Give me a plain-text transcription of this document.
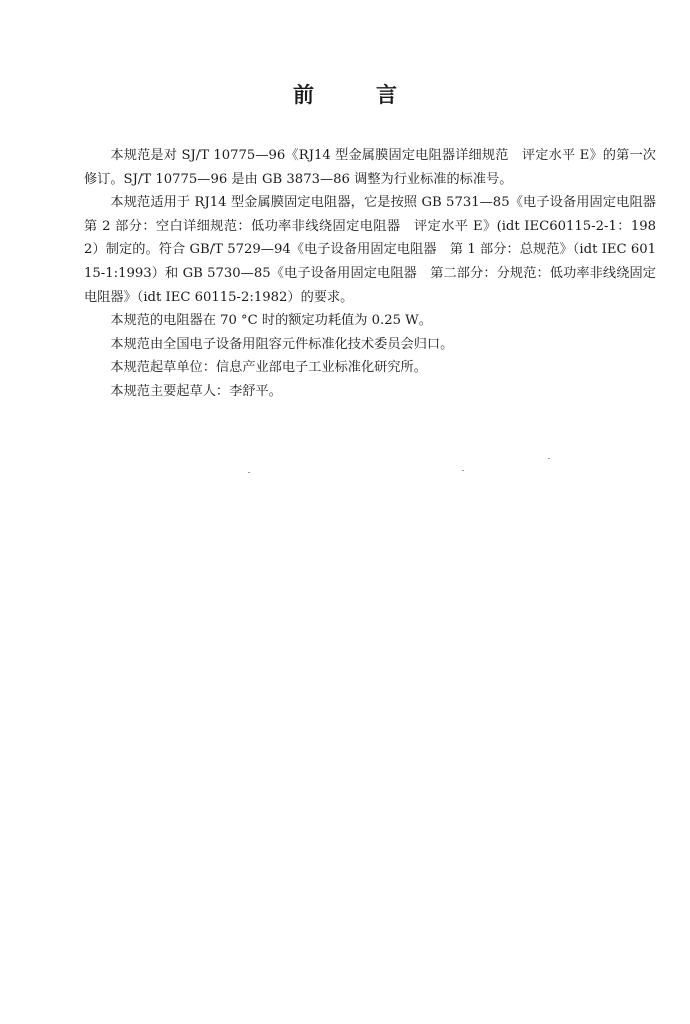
前言

本规范是对 SJ/T 10775—96《RJ14 型金属膜固定电阻器详细规范　评定水平 E》的第一次修订。SJ/T 10775—96 是由 GB 3873—86 调整为行业标准的标准号。

本规范适用于 RJ14 型金属膜固定电阻器，它是按照 GB 5731—85《电子设备用固定电阻器　第 2 部分：空白详细规范：低功率非线绕固定电阻器　评定水平 E》(idt IEC60115-2-1：1982）制定的。符合 GB/T 5729—94《电子设备用固定电阻器　第 1 部分：总规范》（idt IEC 60115-1:1993）和 GB 5730—85《电子设备用固定电阻器　第二部分：分规范：低功率非线绕固定电阻器》（idt IEC 60115-2:1982）的要求。

本规范的电阻器在 70 °C 时的额定功耗值为 0.25 W。

本规范由全国电子设备用阻容元件标准化技术委员会归口。

本规范起草单位：信息产业部电子工业标准化研究所。

本规范主要起草人：李舒平。
